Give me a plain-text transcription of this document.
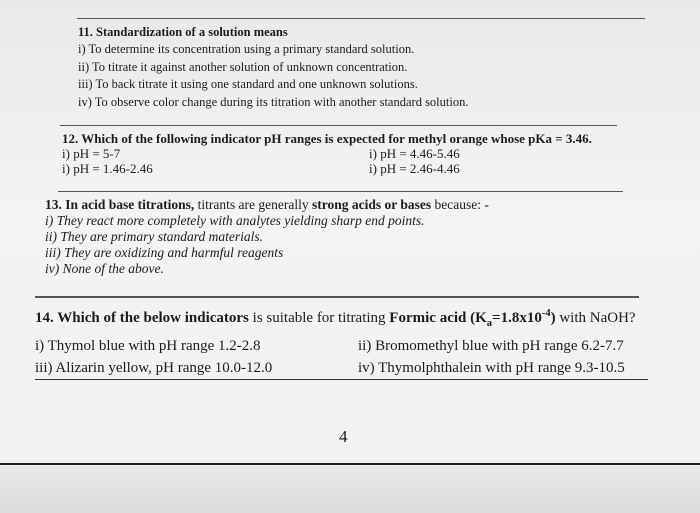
11. Standardization of a solution means
i) To determine its concentration using a primary standard solution.
ii) To titrate it against another solution of unknown concentration.
iii) To back titrate it using one standard and one unknown solutions.
iv) To observe color change during its titration with another standard solution.
12. Which of the following indicator pH ranges is expected for methyl orange whose pKa = 3.46.
i) pH = 5-7	i) pH = 4.46-5.46
i) pH = 1.46-2.46	i) pH = 2.46-4.46
13. In acid base titrations, titrants are generally strong acids or bases because: -
i) They react more completely with analytes yielding sharp end points.
ii) They are primary standard materials.
iii) They are oxidizing and harmful reagents
iv) None of the above.
14. Which of the below indicators is suitable for titrating Formic acid $(K_a=1.8x10^{-4})$ with NaOH?
i) Thymol blue with pH range 1.2-2.8	ii) Bromomethyl blue with pH range 6.2-7.7
iii) Alizarin yellow, pH range 10.0-12.0	iv) Thymolphthalein with pH range 9.3-10.5
4
